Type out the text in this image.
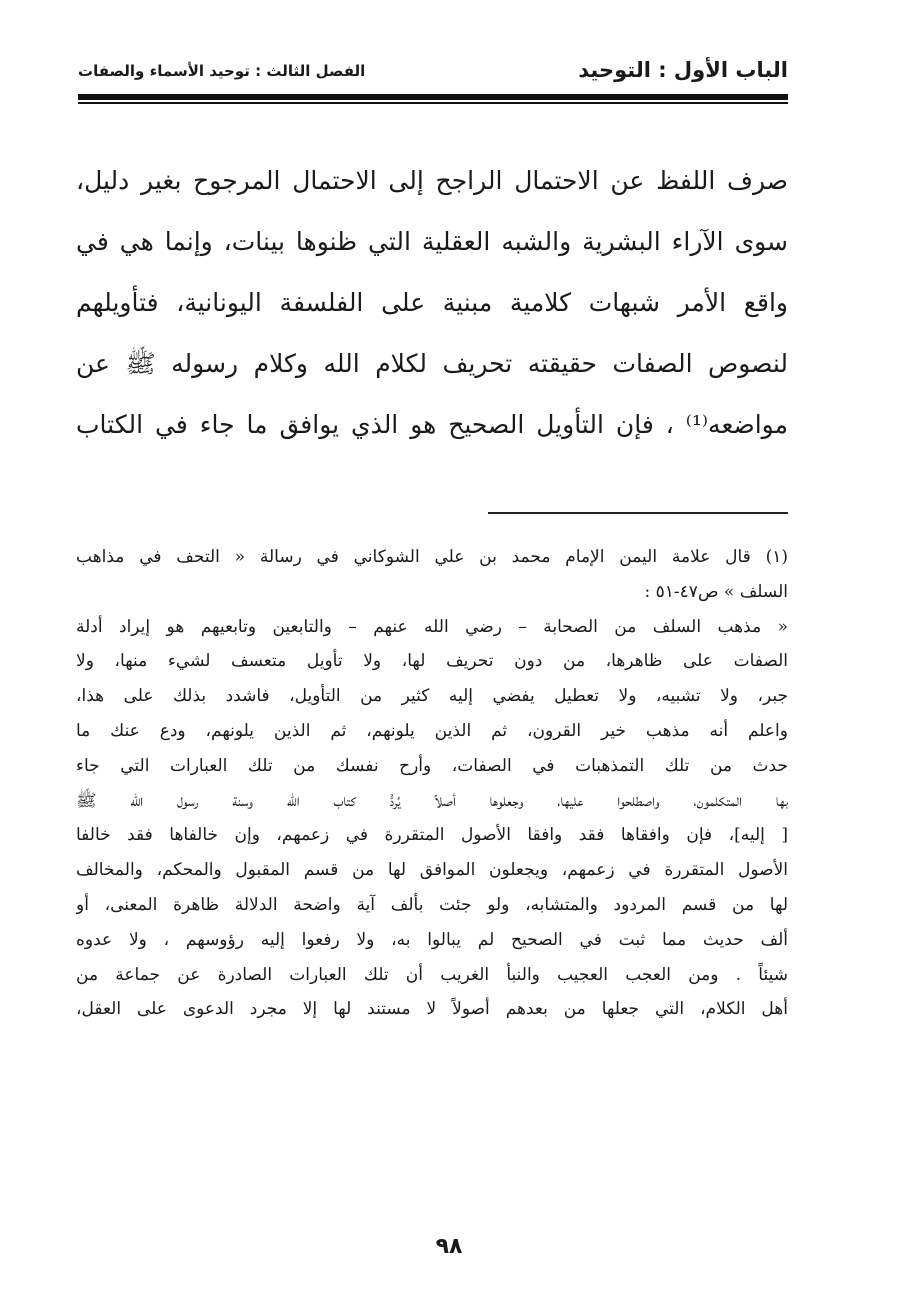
الباب الأول : التوحيد
الفصل الثالث : توحيد الأسماء والصفات
صرف اللفظ عن الاحتمال الراجح إلى الاحتمال المرجوح بغير دليل،
سوى الآراء البشرية والشبه العقلية التي ظنوها بينات، وإنما هي في
واقع الأمر شبهات كلامية مبنية على الفلسفة اليونانية، فتأويلهم
لنصوص الصفات حقيقته تحريف لكلام الله وكلام رسوله ﷺ عن
مواضعه⁽¹⁾ ، فإن التأويل الصحيح هو الذي يوافق ما جاء في الكتاب
(١) قال علامة اليمن الإمام محمد بن علي الشوكاني في رسالة « التحف في مذاهب
السلف » ص٤٧-٥١ :
« مذهب السلف من الصحابة – رضي الله عنهم – والتابعين وتابعيهم هو إيراد أدلة
الصفات على ظاهرها، من دون تحريف لها، ولا تأويل متعسف لشيء منها، ولا
جبر، ولا تشبيه، ولا تعطيل يفضي إليه كثير من التأويل، فاشدد بذلك على هذا،
واعلم أنه مذهب خير القرون، ثم الذين يلونهم، ثم الذين يلونهم، ودع عنك ما
حدث من تلك التمذهبات في الصفات، وأرح نفسك من تلك العبارات التي جاء
بها المتكلمون، واصطلحوا عليها، وجعلوها أصلاً يُردُّ كتاب الله وسنة رسول الله ﷺ
[ إليه]، فإن وافقاها فقد وافقا الأصول المتقررة في زعمهم، وإن خالفاها فقد خالفا
الأصول المتقررة في زعمهم، ويجعلون الموافق لها من قسم المقبول والمحكم، والمخالف
لها من قسم المردود والمتشابه، ولو جئت بألف آية واضحة الدلالة ظاهرة المعنى، أو
ألف حديث مما ثبت في الصحيح لم يبالوا به، ولا رفعوا إليه رؤوسهم ، ولا عدوه
شيئاً . ومن العجب العجيب والنبأ الغريب أن تلك العبارات الصادرة عن جماعة من
أهل الكلام، التي جعلها من بعدهم أصولاً لا مستند لها إلا مجرد الدعوى على العقل،
٩٨
